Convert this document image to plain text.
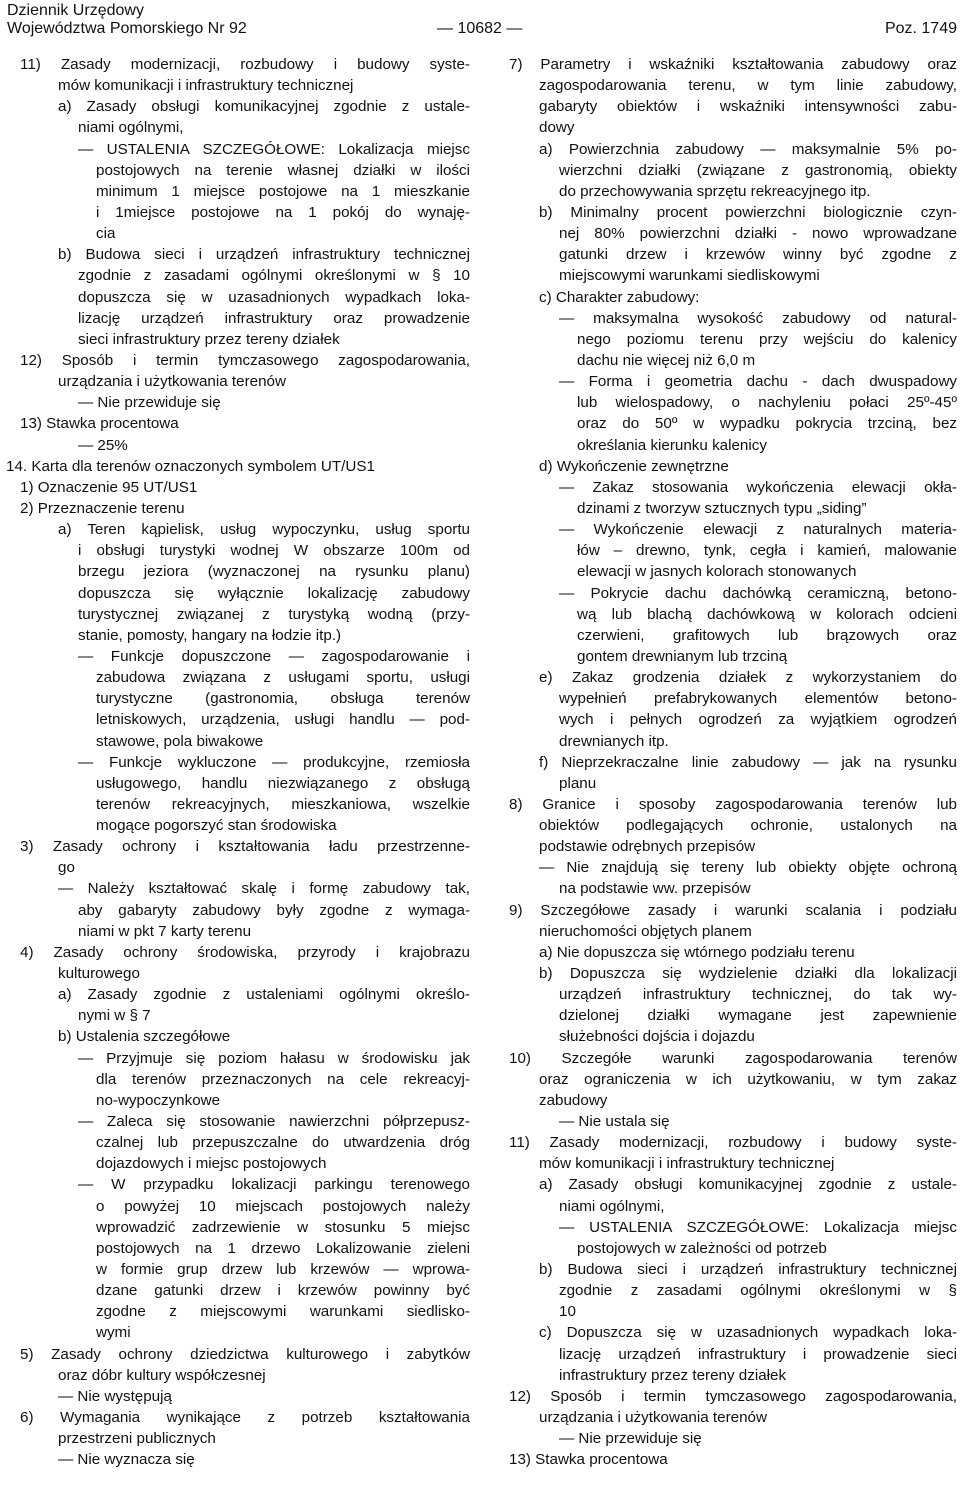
Dziennik Urzędowy
Województwa Pomorskiego Nr 92	— 10682 —	Poz. 1749
11) Zasady modernizacji, rozbudowy i budowy syste-
mów komunikacji i infrastruktury technicznej
a) Zasady obsługi komunikacyjnej zgodnie z ustale-
niami ogólnymi,
— USTALENIA SZCZEGÓŁOWE: Lokalizacja miejsc
postojowych na terenie własnej działki w ilości
minimum 1 miejsce postojowe na 1 mieszkanie
i 1miejsce postojowe na 1 pokój do wynaję-
cia
b) Budowa sieci i urządzeń infrastruktury technicznej
zgodnie z zasadami ogólnymi określonymi w § 10
dopuszcza się w uzasadnionych wypadkach loka-
lizację urządzeń infrastruktury oraz prowadzenie
sieci infrastruktury przez tereny działek
12) Sposób i termin tymczasowego zagospodarowania,
urządzania i użytkowania terenów
— Nie przewiduje się
13) Stawka procentowa
— 25%
14. Karta dla terenów oznaczonych symbolem UT/US1
1) Oznaczenie 95 UT/US1
2) Przeznaczenie terenu
a) Teren kąpielisk, usług wypoczynku, usług sportu
i obsługi turystyki wodnej W obszarze 100m od
brzegu jeziora (wyznaczonej na rysunku planu)
dopuszcza się wyłącznie lokalizację zabudowy
turystycznej związanej z turystyką wodną (przy-
stanie, pomosty, hangary na łodzie itp.)
— Funkcje dopuszczone — zagospodarowanie i
zabudowa związana z usługami sportu, usługi
turystyczne (gastronomia, obsługa terenów
letniskowych, urządzenia, usługi handlu — pod-
stawowe, pola biwakowe
— Funkcje wykluczone — produkcyjne, rzemiosła
usługowego, handlu niezwiązanego z obsługą
terenów rekreacyjnych, mieszkaniowa, wszelkie
mogące pogorszyć stan środowiska
3) Zasady ochrony i kształtowania ładu przestrzenne-
go
— Należy kształtować skalę i formę zabudowy tak,
aby gabaryty zabudowy były zgodne z wymaga-
niami w pkt 7 karty terenu
4) Zasady ochrony środowiska, przyrody i krajobrazu
kulturowego
a) Zasady zgodnie z ustaleniami ogólnymi określo-
nymi w § 7
b) Ustalenia szczegółowe
— Przyjmuje się poziom hałasu w środowisku jak
dla terenów przeznaczonych na cele rekreacyj-
no-wypoczynkowe
— Zaleca się stosowanie nawierzchni półprzepusz-
czalnej lub przepuszczalne do utwardzenia dróg
dojazdowych i miejsc postojowych
— W przypadku lokalizacji parkingu terenowego
o powyżej 10 miejscach postojowych należy
wprowadzić zadrzewienie w stosunku 5 miejsc
postojowych na 1 drzewo Lokalizowanie zieleni
w formie grup drzew lub krzewów — wprowa-
dzane gatunki drzew i krzewów powinny być
zgodne z miejscowymi warunkami siedlisko-
wymi
5) Zasady ochrony dziedzictwa kulturowego i zabytków
oraz dóbr kultury współczesnej
— Nie występują
6) Wymagania wynikające z potrzeb kształtowania
przestrzeni publicznych
— Nie wyznacza się
7) Parametry i wskaźniki kształtowania zabudowy oraz
zagospodarowania terenu, w tym linie zabudowy,
gabaryty obiektów i wskaźniki intensywności zabu-
dowy
a) Powierzchnia zabudowy — maksymalnie 5% po-
wierzchni działki (związane z gastronomią, obiekty
do przechowywania sprzętu rekreacyjnego itp.
b) Minimalny procent powierzchni biologicznie czyn-
nej 80% powierzchni działki - nowo wprowadzane
gatunki drzew i krzewów winny być zgodne z
miejscowymi warunkami siedliskowymi
c) Charakter zabudowy:
— maksymalna wysokość zabudowy od natural-
nego poziomu terenu przy wejściu do kalenicy
dachu nie więcej niż 6,0 m
— Forma i geometria dachu - dach dwuspadowy
lub wielospadowy, o nachyleniu połaci 25º-45º
oraz do 50º w wypadku pokrycia trzciną, bez
określania kierunku kalenicy
d) Wykończenie zewnętrzne
— Zakaz stosowania wykończenia elewacji okła-
dzinami z tworzyw sztucznych typu „siding”
— Wykończenie elewacji z naturalnych materia-
łów – drewno, tynk, cegła i kamień, malowanie
elewacji w jasnych kolorach stonowanych
— Pokrycie dachu dachówką ceramiczną, betono-
wą lub blachą dachówkową w kolorach odcieni
czerwieni, grafitowych lub brązowych oraz
gontem drewnianym lub trzciną
e) Zakaz grodzenia działek z wykorzystaniem do
wypełnień prefabrykowanych elementów betono-
wych i pełnych ogrodzeń za wyjątkiem ogrodzeń
drewnianych itp.
f) Nieprzekraczalne linie zabudowy — jak na rysunku
planu
8) Granice i sposoby zagospodarowania terenów lub
obiektów podlegających ochronie, ustalonych na
podstawie odrębnych przepisów
— Nie znajdują się tereny lub obiekty objęte ochroną
na podstawie ww. przepisów
9) Szczegółowe zasady i warunki scalania i podziału
nieruchomości objętych planem
a) Nie dopuszcza się wtórnego podziału terenu
b) Dopuszcza się wydzielenie działki dla lokalizacji
urządzeń infrastruktury technicznej, do tak wy-
dzielonej działki wymagane jest zapewnienie
służebności dojścia i dojazdu
10) Szczegółe warunki zagospodarowania terenów
oraz ograniczenia w ich użytkowaniu, w tym zakaz
zabudowy
— Nie ustala się
11) Zasady modernizacji, rozbudowy i budowy syste-
mów komunikacji i infrastruktury technicznej
a) Zasady obsługi komunikacyjnej zgodnie z ustale-
niami ogólnymi,
— USTALENIA SZCZEGÓŁOWE: Lokalizacja miejsc
postojowych w zależności od potrzeb
b) Budowa sieci i urządzeń infrastruktury technicznej
zgodnie z zasadami ogólnymi określonymi w §
10
c) Dopuszcza się w uzasadnionych wypadkach loka-
lizację urządzeń infrastruktury i prowadzenie sieci
infrastruktury przez tereny działek
12) Sposób i termin tymczasowego zagospodarowania,
urządzania i użytkowania terenów
— Nie przewiduje się
13) Stawka procentowa
